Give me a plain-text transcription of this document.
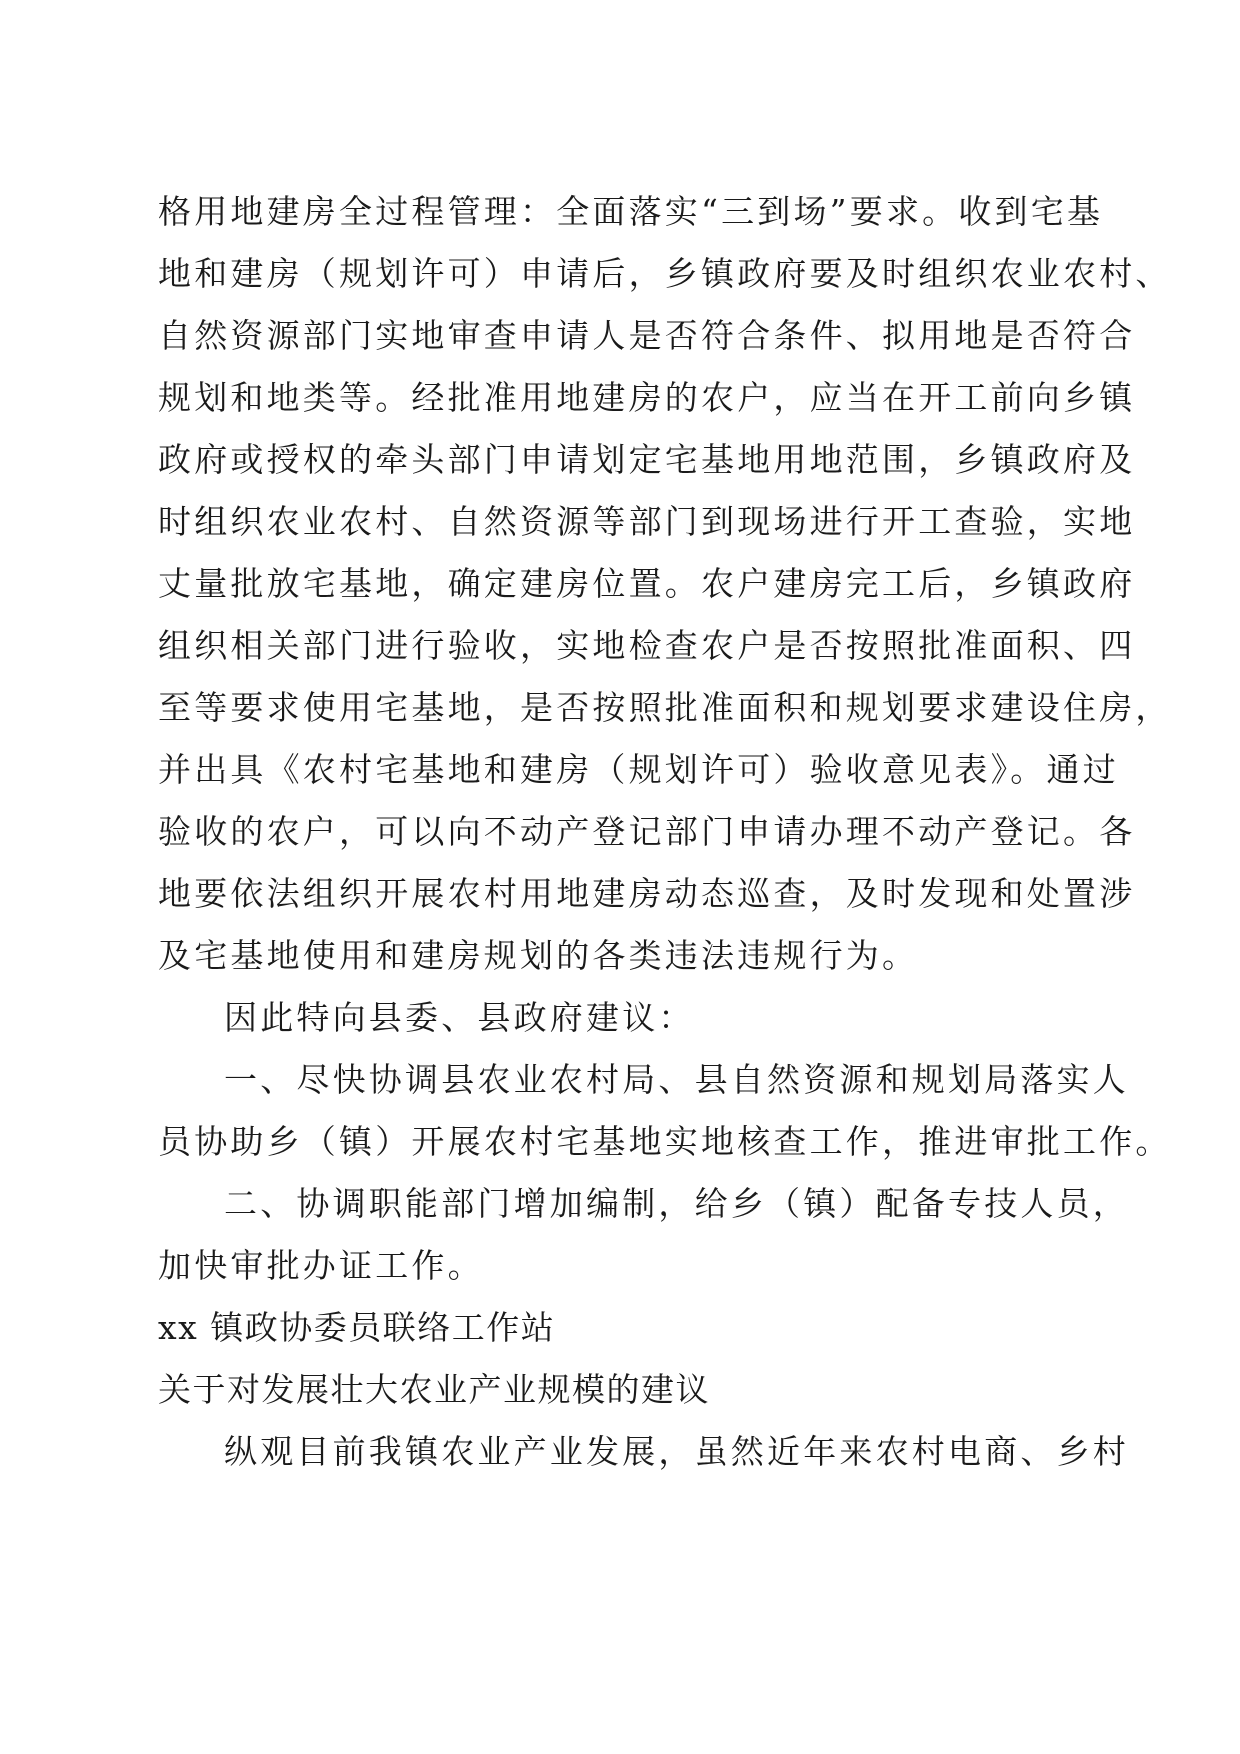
格用地建房全过程管理：全面落实“三到场”要求。收到宅基
地和建房（规划许可）申请后，乡镇政府要及时组织农业农村、
自然资源部门实地审查申请人是否符合条件、拟用地是否符合
规划和地类等。经批准用地建房的农户，应当在开工前向乡镇
政府或授权的牵头部门申请划定宅基地用地范围，乡镇政府及
时组织农业农村、自然资源等部门到现场进行开工查验，实地
丈量批放宅基地，确定建房位置。农户建房完工后，乡镇政府
组织相关部门进行验收，实地检查农户是否按照批准面积、四
至等要求使用宅基地，是否按照批准面积和规划要求建设住房，
并出具《农村宅基地和建房（规划许可）验收意见表》。通过
验收的农户，可以向不动产登记部门申请办理不动产登记。各
地要依法组织开展农村用地建房动态巡查，及时发现和处置涉
及宅基地使用和建房规划的各类违法违规行为。
因此特向县委、县政府建议：
一、尽快协调县农业农村局、县自然资源和规划局落实人
员协助乡（镇）开展农村宅基地实地核查工作，推进审批工作。
二、协调职能部门增加编制，给乡（镇）配备专技人员，
加快审批办证工作。
xx 镇政协委员联络工作站
关于对发展壮大农业产业规模的建议
纵观目前我镇农业产业发展，虽然近年来农村电商、乡村
